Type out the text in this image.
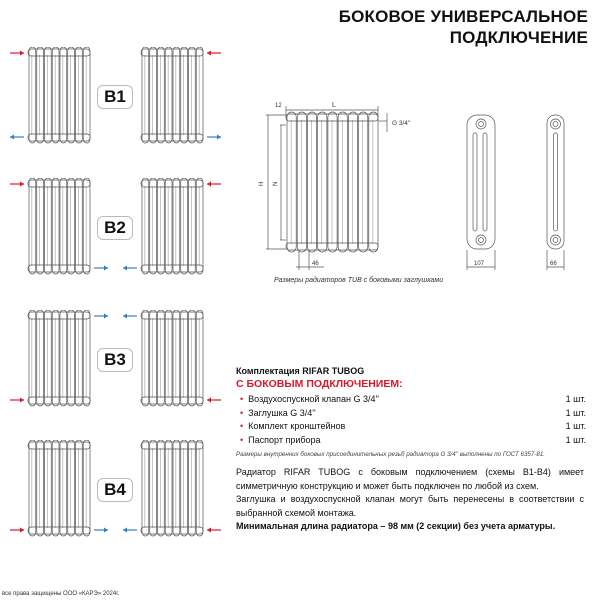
БОКОВОЕ УНИВЕРСАЛЬНОЕ
ПОДКЛЮЧЕНИЕ
B1
B2
B3
B4
L
12
H N
G 3/4''
46	107	66
Размеры радиаторов TUB с боковыми заглушками
Комплектация RIFAR TUBOG
С БОКОВЫМ ПОДКЛЮЧЕНИЕМ:
• Воздухоспускной клапан G 3/4''	1 шт.
• Заглушка G 3/4''	1 шт.
• Комплект кронштейнов	1 шт.
• Паспорт прибора	1 шт.
Размеры внутренних боковых присоединительных резьб радиатора G 3/4'' выполнены по ГОСТ 6357-81.

Радиатор RIFAR TUBOG с боковым подключением (схемы B1-B4) имеет симметричную конструкцию и может быть подключен по любой из схем.

Заглушка и воздухоспускной клапан могут быть перенесены в соответствии с выбранной схемой монтажа.

Минимальная длина радиатора – 98 мм (2 секции) без учета арматуры.

все права защищены ООО «КАРЭ» 2024г.
